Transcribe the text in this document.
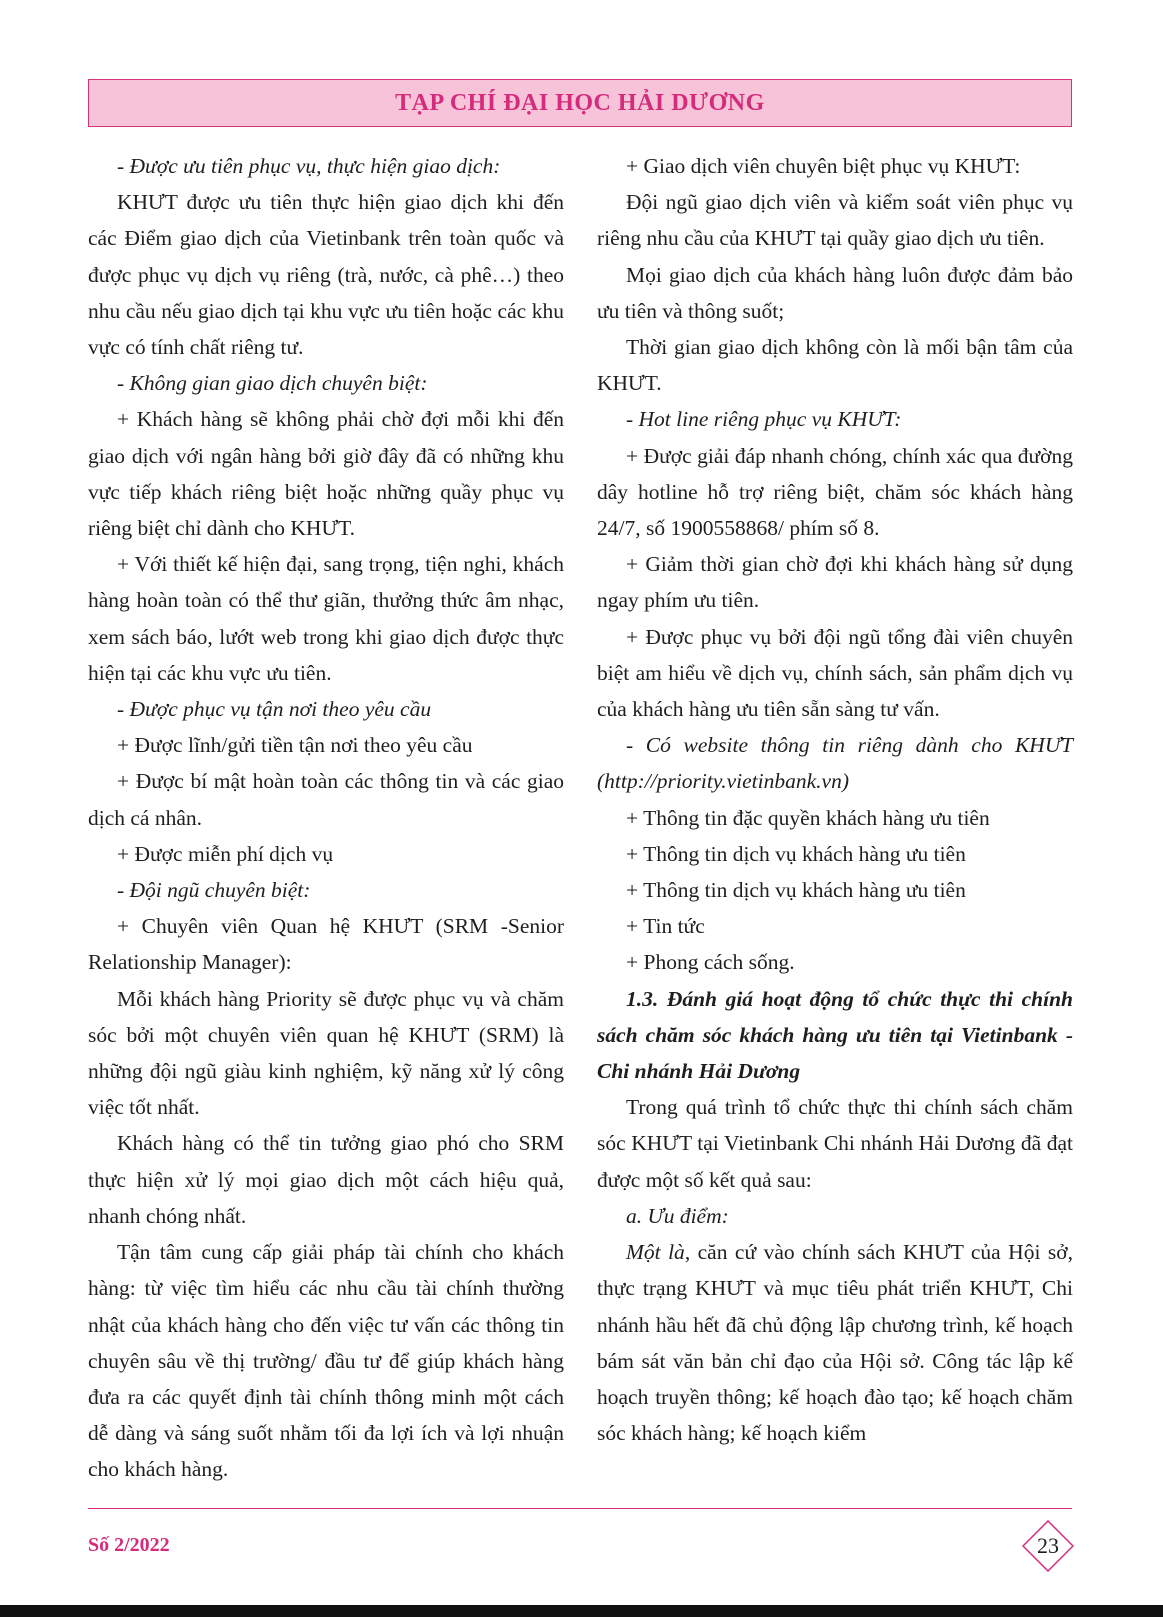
TẠP CHÍ ĐẠI HỌC HẢI DƯƠNG

- Được ưu tiên phục vụ, thực hiện giao dịch:

KHƯT được ưu tiên thực hiện giao dịch khi đến các Điểm giao dịch của Vietinbank trên toàn quốc và được phục vụ dịch vụ riêng (trà, nước, cà phê…) theo nhu cầu nếu giao dịch tại khu vực ưu tiên hoặc các khu vực có tính chất riêng tư.

- Không gian giao dịch chuyên biệt:

+ Khách hàng sẽ không phải chờ đợi mỗi khi đến giao dịch với ngân hàng bởi giờ đây đã có những khu vực tiếp khách riêng biệt hoặc những quầy phục vụ riêng biệt chỉ dành cho KHƯT.

+ Với thiết kế hiện đại, sang trọng, tiện nghi, khách hàng hoàn toàn có thể thư giãn, thưởng thức âm nhạc, xem sách báo, lướt web trong khi giao dịch được thực hiện tại các khu vực ưu tiên.

- Được phục vụ tận nơi theo yêu cầu

+ Được lĩnh/gửi tiền tận nơi theo yêu cầu

+ Được bí mật hoàn toàn các thông tin và các giao dịch cá nhân.

+ Được miễn phí dịch vụ

- Đội ngũ chuyên biệt:

+ Chuyên viên Quan hệ KHƯT (SRM -Senior Relationship Manager):

Mỗi khách hàng Priority sẽ được phục vụ và chăm sóc bởi một chuyên viên quan hệ KHƯT (SRM) là những đội ngũ giàu kinh nghiệm, kỹ năng xử lý công việc tốt nhất.

Khách hàng có thể tin tưởng giao phó cho SRM thực hiện xử lý mọi giao dịch một cách hiệu quả, nhanh chóng nhất.

Tận tâm cung cấp giải pháp tài chính cho khách hàng: từ việc tìm hiểu các nhu cầu tài chính thường nhật của khách hàng cho đến việc tư vấn các thông tin chuyên sâu về thị trường/ đầu tư để giúp khách hàng đưa ra các quyết định tài chính thông minh một cách dễ dàng và sáng suốt nhằm tối đa lợi ích và lợi nhuận cho khách hàng.

+ Giao dịch viên chuyên biệt phục vụ KHƯT:

Đội ngũ giao dịch viên và kiểm soát viên phục vụ riêng nhu cầu của KHƯT tại quầy giao dịch ưu tiên.

Mọi giao dịch của khách hàng luôn được đảm bảo ưu tiên và thông suốt;

Thời gian giao dịch không còn là mối bận tâm của KHƯT.

- Hot line riêng phục vụ KHƯT:

+ Được giải đáp nhanh chóng, chính xác qua đường dây hotline hỗ trợ riêng biệt, chăm sóc khách hàng 24/7, số 1900558868/ phím số 8.

+ Giảm thời gian chờ đợi khi khách hàng sử dụng ngay phím ưu tiên.

+ Được phục vụ bởi đội ngũ tổng đài viên chuyên biệt am hiểu về dịch vụ, chính sách, sản phẩm dịch vụ của khách hàng ưu tiên sẵn sàng tư vấn.

- Có website thông tin riêng dành cho KHƯT (http://priority.vietinbank.vn)

+ Thông tin đặc quyền khách hàng ưu tiên

+ Thông tin dịch vụ khách hàng ưu tiên

+ Thông tin dịch vụ khách hàng ưu tiên

+ Tin tức

+ Phong cách sống.

1.3. Đánh giá hoạt động tổ chức thực thi chính sách chăm sóc khách hàng ưu tiên tại Vietinbank - Chi nhánh Hải Dương

Trong quá trình tổ chức thực thi chính sách chăm sóc KHƯT tại Vietinbank Chi nhánh Hải Dương đã đạt được một số kết quả sau:

a. Ưu điểm:

Một là, căn cứ vào chính sách KHƯT của Hội sở, thực trạng KHƯT và mục tiêu phát triển KHƯT, Chi nhánh hầu hết đã chủ động lập chương trình, kế hoạch bám sát văn bản chỉ đạo của Hội sở. Công tác lập kế hoạch truyền thông; kế hoạch đào tạo; kế hoạch chăm sóc khách hàng; kế hoạch kiểm

Số 2/2022	23
